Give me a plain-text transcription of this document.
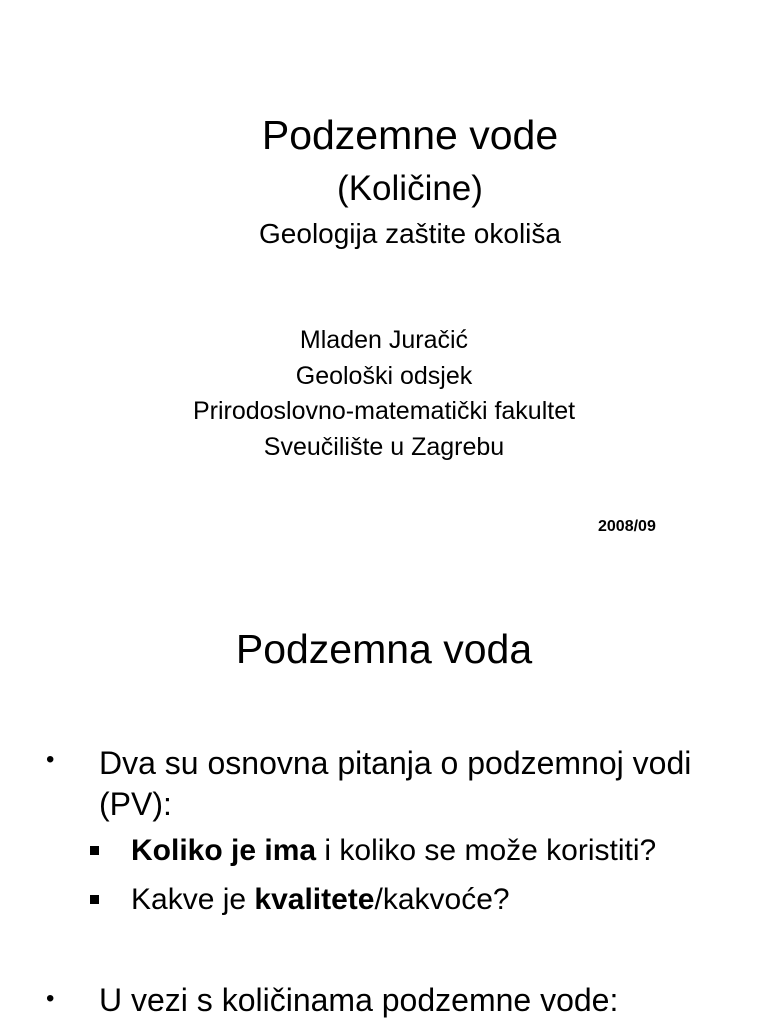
Podzemne vode
(Količine)
Geologija zaštite okoliša
Mladen Juračić
Geološki odsjek
Prirodoslovno-matematički fakultet
Sveučilište u Zagrebu
2008/09
Podzemna voda
• Dva su osnovna pitanja o podzemnoj vodi
(PV):
Koliko je ima i koliko se može koristiti?
Kakve je kvalitete/kakvoće?
• U vezi s količinama podzemne vode:
